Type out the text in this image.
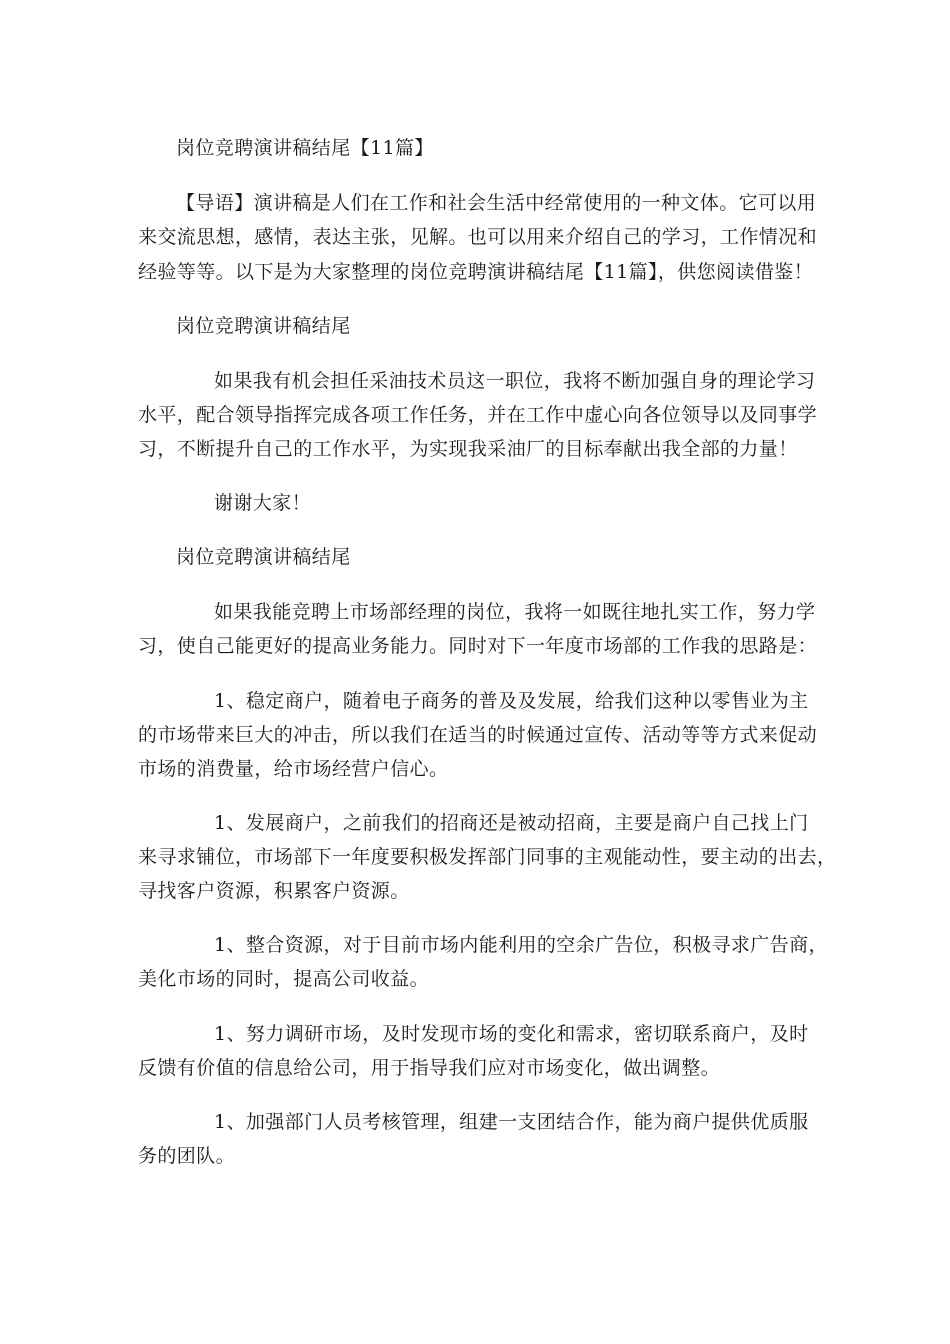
岗位竞聘演讲稿结尾【11篇】
【导语】演讲稿是人们在工作和社会生活中经常使用的一种文体。它可以用
来交流思想，感情，表达主张，见解。也可以用来介绍自己的学习，工作情况和
经验等等。以下是为大家整理的岗位竞聘演讲稿结尾【11篇】，供您阅读借鉴！
岗位竞聘演讲稿结尾
如果我有机会担任采油技术员这一职位，我将不断加强自身的理论学习
水平，配合领导指挥完成各项工作任务，并在工作中虚心向各位领导以及同事学
习，不断提升自己的工作水平，为实现我采油厂的目标奉献出我全部的力量！
谢谢大家！
岗位竞聘演讲稿结尾
如果我能竞聘上市场部经理的岗位，我将一如既往地扎实工作，努力学
习，使自己能更好的提高业务能力。同时对下一年度市场部的工作我的思路是：
1、稳定商户，随着电子商务的普及及发展，给我们这种以零售业为主
的市场带来巨大的冲击，所以我们在适当的时候通过宣传、活动等等方式来促动
市场的消费量，给市场经营户信心。
1、发展商户，之前我们的招商还是被动招商，主要是商户自己找上门
来寻求铺位，市场部下一年度要积极发挥部门同事的主观能动性，要主动的出去，
寻找客户资源，积累客户资源。
1、整合资源，对于目前市场内能利用的空余广告位，积极寻求广告商，
美化市场的同时，提高公司收益。
1、努力调研市场，及时发现市场的变化和需求，密切联系商户，及时
反馈有价值的信息给公司，用于指导我们应对市场变化，做出调整。
1、加强部门人员考核管理，组建一支团结合作，能为商户提供优质服
务的团队。
